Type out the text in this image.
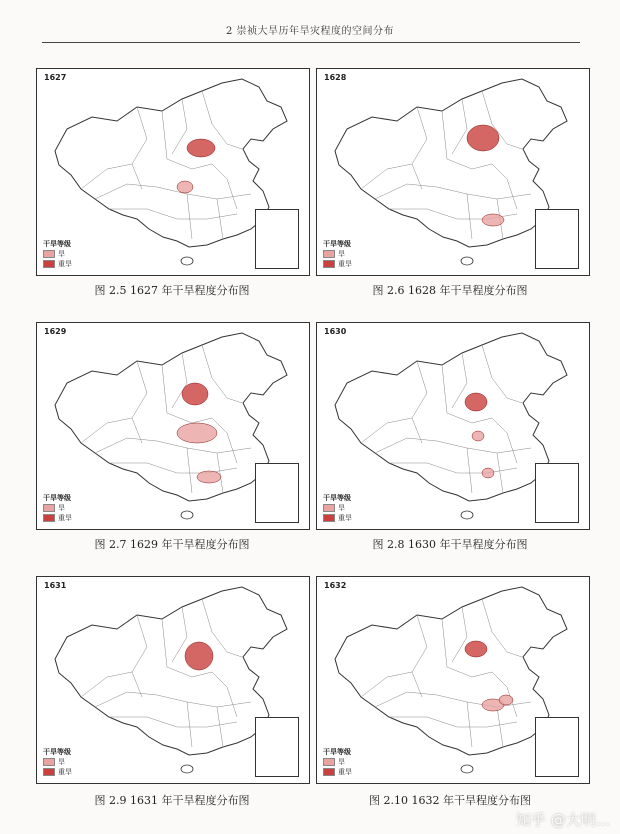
2 崇祯大旱历年旱灾程度的空间分布
1627
干旱等级
旱
重旱
图 2.5 1627 年干旱程度分布图
1628
干旱等级
旱
重旱
图 2.6 1628 年干旱程度分布图
1629
干旱等级
旱
重旱
图 2.7 1629 年干旱程度分布图
1630
干旱等级
旱
重旱
图 2.8 1630 年干旱程度分布图
1631
干旱等级
旱
重旱
图 2.9 1631 年干旱程度分布图
1632
干旱等级
旱
重旱
图 2.10 1632 年干旱程度分布图
知乎 @大明...
